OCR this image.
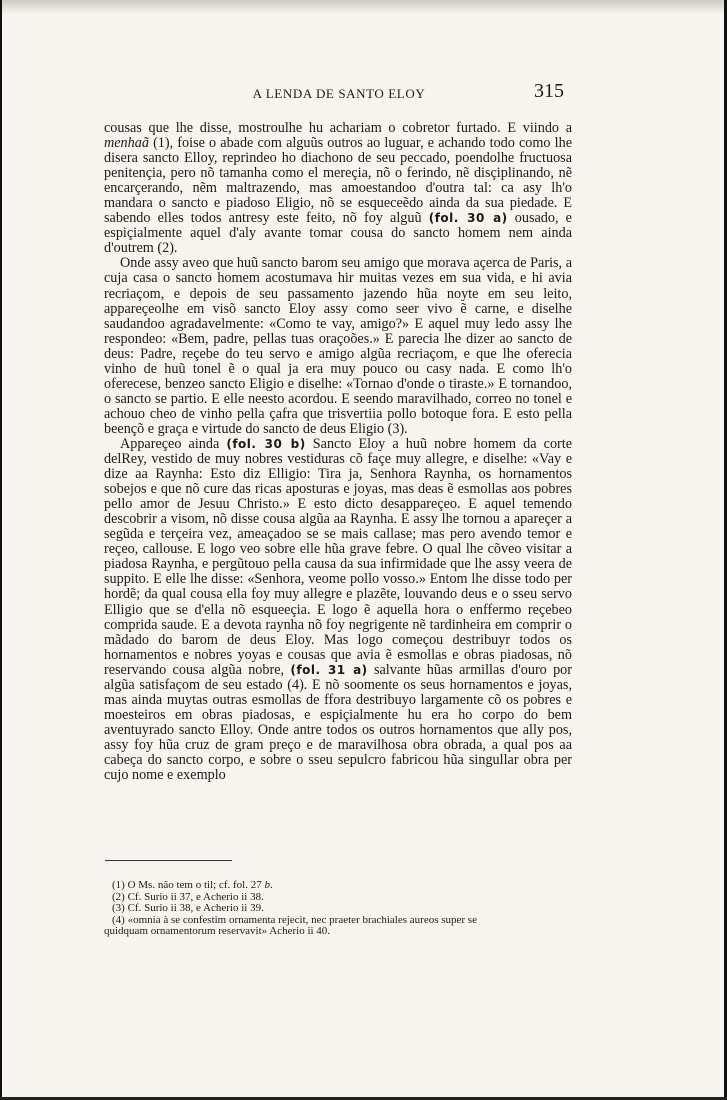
A LENDA DE SANTO ELOY	315

cousas que lhe disse, mostroulhe hu achariam o cobretor furtado. E viindo a menhaã (1), foise o abade com alguũs outros ao luguar, e achando todo como lhe disera sancto Elloy, reprindeo ho diachono de seu peccado, poendolhe fructuosa penitençia, pero nõ tamanha como el mereçia, nõ o ferindo, nẽ disçiplinando, nẽ encarçerando, nẽm maltrazendo, mas amoestandoo d'outra tal: ca asy lh'o mandara o sancto e piadoso Eligio, nõ se esqueceẽdo ainda da sua piedade. E sabendo elles todos antresy este feito, nõ foy alguũ (fol. 30 a) ousado, e espiçialmente aquel d'aly avante tomar cousa do sancto homem nem ainda d'outrem (2).

Onde assy aveo que huũ sancto barom seu amigo que morava açerca de Paris, a cuja casa o sancto homem acostumava hir muitas vezes em sua vida, e hi avia recriaçom, e depois de seu passamento jazendo hũa noyte em seu leito, appareçeolhe em visõ sancto Eloy assy como seer vivo ẽ carne, e diselhe saudandoo agradavelmente: «Como te vay, amigo?» E aquel muy ledo assy lhe respondeo: «Bem, padre, pellas tuas oraçoões.» E parecia lhe dizer ao sancto de deus: Padre, reçebe do teu servo e amigo algũa recriaçom, e que lhe oferecia vinho de huũ tonel ẽ o qual ja era muy pouco ou casy nada. E como lh'o oferecese, benzeo sancto Eligio e diselhe: «Tornao d'onde o tiraste.» E tornandoo, o sancto se partio. E elle neesto acordou. E seendo maravilhado, correo no tonel e achouo cheo de vinho pella çafra que trisvertiia pollo botoque fora. E esto pella beençõ e graça e virtude do sancto de deus Eligio (3).

Appareçeo ainda (fol. 30 b) Sancto Eloy a huũ nobre homem da corte delRey, vestido de muy nobres vestiduras cõ façe muy allegre, e diselhe: «Vay e dize aa Raynha: Esto diz Elligio: Tira ja, Senhora Raynha, os hornamentos sobejos e que nõ cure das ricas aposturas e joyas, mas deas ẽ esmollas aos pobres pello amor de Jesuu Christo.» E esto dicto desappareçeo. E aquel temendo descobrir a visom, nõ disse cousa algũa aa Raynha. E assy lhe tornou a apareçer a segũda e terçeira vez, ameaçadoo se se mais callase; mas pero avendo temor e reçeo, callouse. E logo veo sobre elle hũa grave febre. O qual lhe cõveo visitar a piadosa Raynha, e pergũtouo pella causa da sua infirmidade que lhe assy veera de suppito. E elle lhe disse: «Senhora, veome pollo vosso.» Entom lhe disse todo per hordẽ; da qual cousa ella foy muy allegre e plazẽte, louvando deus e o sseu servo Elligio que se d'ella nõ esqueeçia. E logo ẽ aquella hora o enffermo reçebeo comprida saude. E a devota raynha nõ foy negrigente nẽ tardinheira em comprir o mãdado do barom de deus Eloy. Mas logo começou destribuyr todos os hornamentos e nobres yoyas e cousas que avia ẽ esmollas e obras piadosas, nõ reservando cousa algũa nobre, (fol. 31 a) salvante hũas armillas d'ouro por algũa satisfaçom de seu estado (4). E nõ soomente os seus hornamentos e joyas, mas ainda muytas outras esmollas de ffora destribuyo largamente cõ os pobres e moesteiros em obras piadosas, e espiçialmente hu era ho corpo do bem aventuyrado sancto Elloy. Onde antre todos os outros hornamentos que ally pos, assy foy hũa cruz de gram preço e de maravilhosa obra obrada, a qual pos aa cabeça do sancto corpo, e sobre o sseu sepulcro fabricou hũa singullar obra per cujo nome e exemplo

(1) O Ms. não tem o til; cf. fol. 27 b.

(2) Cf. Surio ii 37, e Acherio ii 38.

(3) Cf. Surio ii 38, e Acherio ii 39.

(4) «omnia à se confestim ornamenta rejecit, nec praeter brachiales aureos super se

quidquam ornamentorum reservavit» Acherio ii 40.
